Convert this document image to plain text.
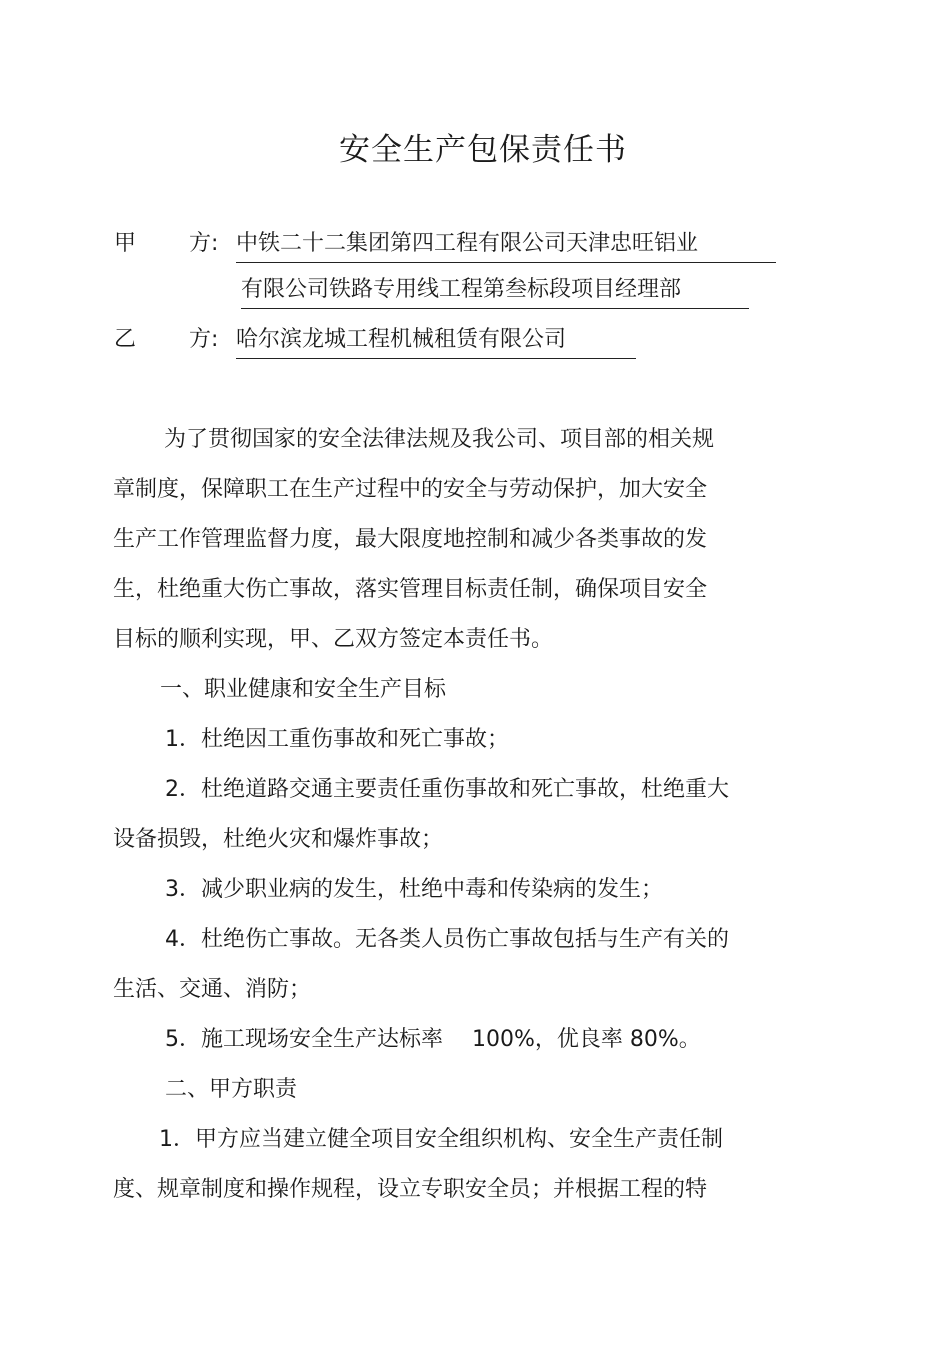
安全生产包保责任书
甲 方: 中铁二十二集团第四工程有限公司天津忠旺铝业
有限公司铁路专用线工程第叁标段项目经理部
乙 方: 哈尔滨龙城工程机械租赁有限公司
为了贯彻国家的安全法律法规及我公司、项目部的相关规
章制度，保障职工在生产过程中的安全与劳动保护，加大安全
生产工作管理监督力度，最大限度地控制和减少各类事故的发
生，杜绝重大伤亡事故，落实管理目标责任制，确保项目安全
目标的顺利实现，甲、乙双方签定本责任书。
一、职业健康和安全生产目标
1．杜绝因工重伤事故和死亡事故；
2．杜绝道路交通主要责任重伤事故和死亡事故，杜绝重大
设备损毁，杜绝火灾和爆炸事故；
3．减少职业病的发生，杜绝中毒和传染病的发生；
4．杜绝伤亡事故。无各类人员伤亡事故包括与生产有关的
生活、交通、消防；
5．施工现场安全生产达标率　 100%，优良率 80%。
二、甲方职责
1．甲方应当建立健全项目安全组织机构、安全生产责任制
度、规章制度和操作规程，设立专职安全员；并根据工程的特
